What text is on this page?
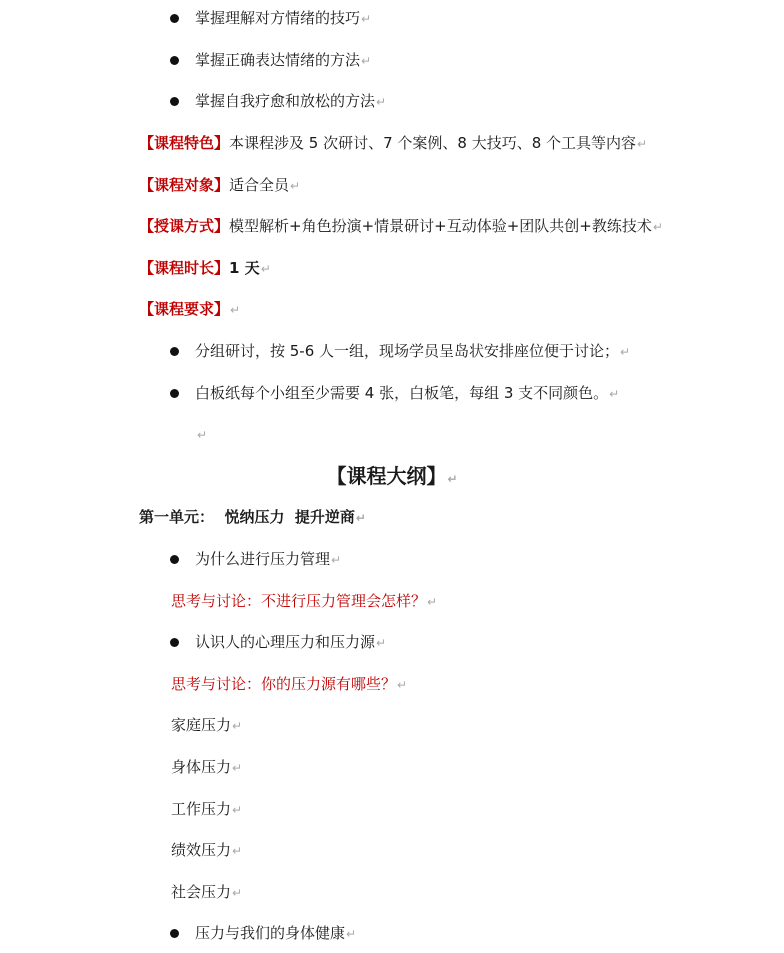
掌握理解对方情绪的技巧↵
掌握正确表达情绪的方法↵
掌握自我疗愈和放松的方法↵
【课程特色】本课程涉及 5 次研讨、7 个案例、8 大技巧、8 个工具等内容↵
【课程对象】适合全员↵
【授课方式】模型解析+角色扮演+情景研讨+互动体验+团队共创+教练技术↵
【课程时长】1 天↵
【课程要求】↵
分组研讨，按 5-6 人一组，现场学员呈岛状安排座位便于讨论；↵
白板纸每个小组至少需要 4 张，白板笔，每组 3 支不同颜色。↵
↵
【课程大纲】↵
第一单元：  悦纳压力  提升逆商↵
为什么进行压力管理↵
思考与讨论：不进行压力管理会怎样？↵
认识人的心理压力和压力源↵
思考与讨论：你的压力源有哪些？↵
家庭压力↵
身体压力↵
工作压力↵
绩效压力↵
社会压力↵
压力与我们的身体健康↵
